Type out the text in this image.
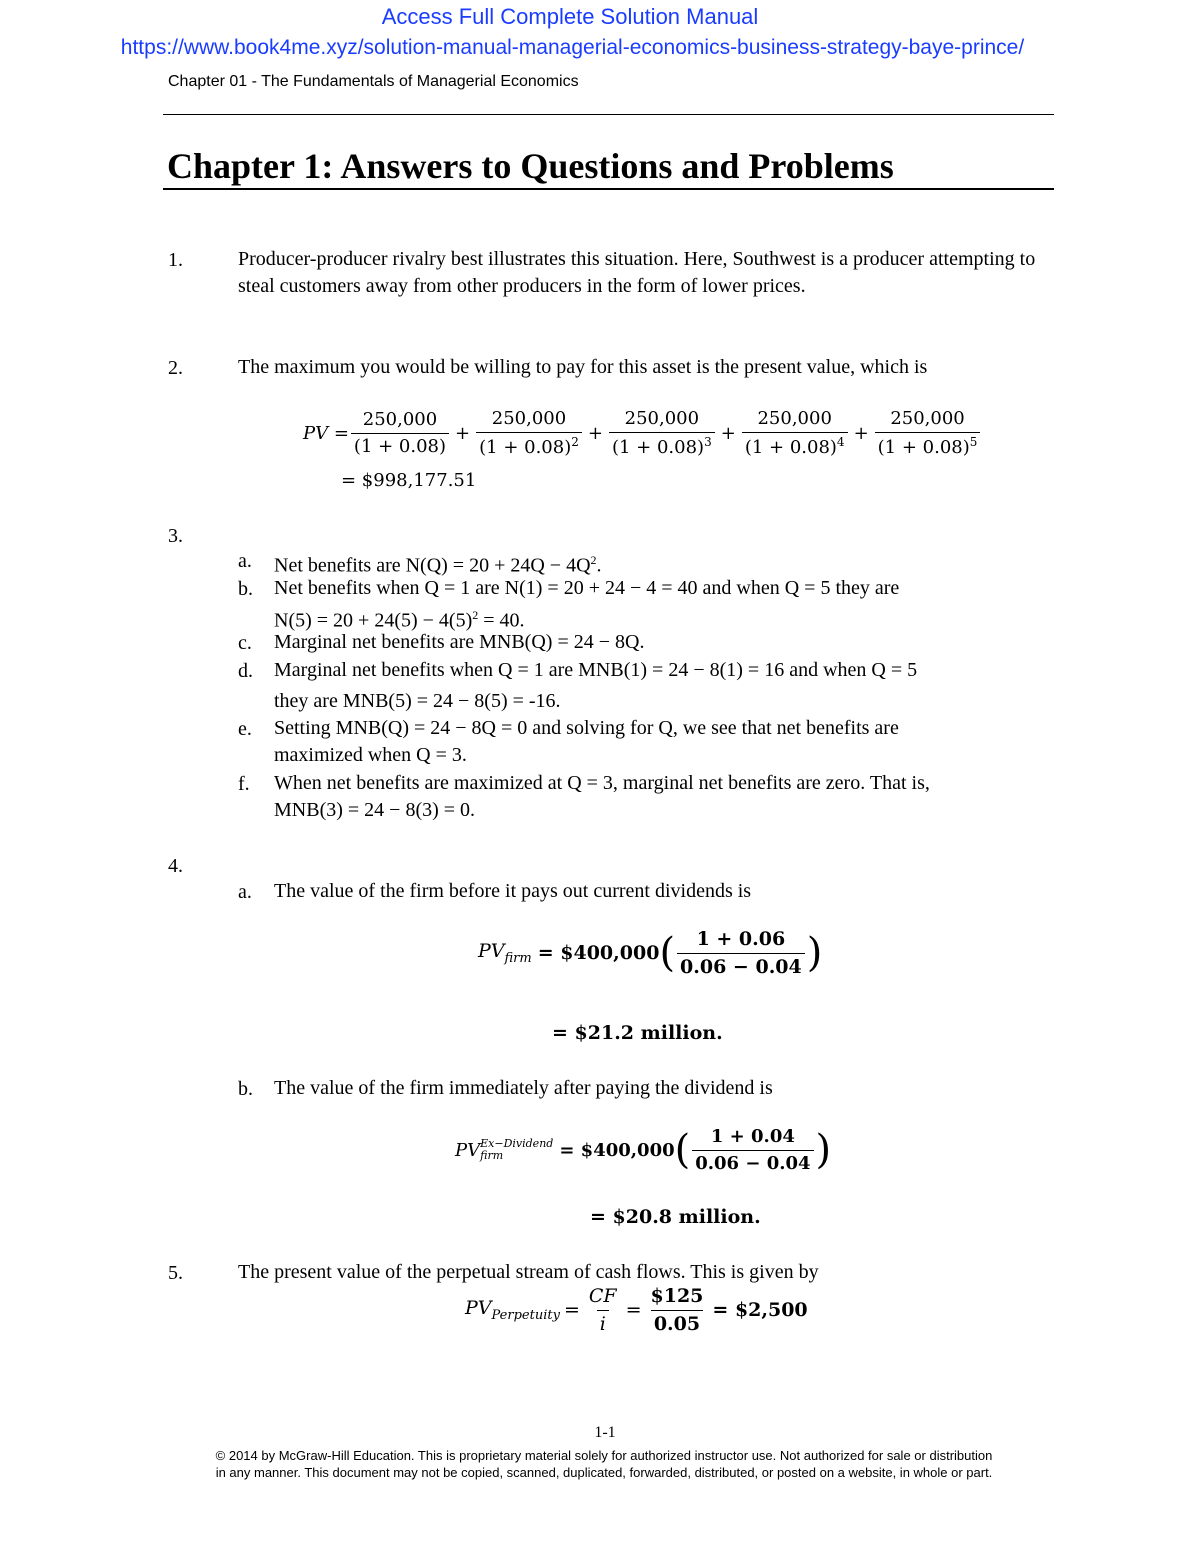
Access Full Complete Solution Manual
https://www.book4me.xyz/solution-manual-managerial-economics-business-strategy-baye-prince/
Chapter 01 - The Fundamentals of Managerial Economics
Chapter 1: Answers to Questions and Problems
1.	Producer-producer rivalry best illustrates this situation. Here, Southwest is a producer attempting to steal customers away from other producers in the form of lower prices.
2.	The maximum you would be willing to pay for this asset is the present value, which is
PV = $\frac{250,000}{(1 + 0.08)} + \frac{250,000}{(1 + 0.08)^2} + \frac{250,000}{(1 + 0.08)^3} + \frac{250,000}{(1 + 0.08)^4} + \frac{250,000}{(1 + 0.08)^5}$
= $998,177.51
3.
a. Net benefits are $N(Q) = 20 + 24Q - 4Q^2$.
b. Net benefits when Q = 1 are N(1) = 20 + 24 − 4 = 40 and when Q = 5 they are
$N(5) = 20 + 24(5) - 4(5)^2 = 40$.
c. Marginal net benefits are MNB(Q) = 24 − 8Q.
d. Marginal net benefits when Q = 1 are MNB(1) = 24 − 8(1) = 16 and when Q = 5
they are MNB(5) = 24 − 8(5) = -16.
e. Setting MNB(Q) = 24 − 8Q = 0 and solving for Q, we see that net benefits are
maximized when Q = 3.
f. When net benefits are maximized at Q = 3, marginal net benefits are zero. That is,
MNB(3) = 24 − 8(3) = 0.
4.
a. The value of the firm before it pays out current dividends is
$PV_{firm}$ = $400,000 ( $\frac{1 + 0.06}{0.06 - 0.04}$ )
= $21.2 million.
b. The value of the firm immediately after paying the dividend is
PV Ex−Dividend
firm	= $400,000 ( $\frac{1 + 0.04}{0.06 - 0.04}$ )
= $20.8 million.
5.	The present value of the perpetual stream of cash flows. This is given by
$PV_{Perpetuity} = \frac{CF}{i} = \frac{\$125}{0.05}$ = $2,500
1-1
© 2014 by McGraw-Hill Education. This is proprietary material solely for authorized instructor use. Not authorized for sale or distribution
in any manner. This document may not be copied, scanned, duplicated, forwarded, distributed, or posted on a website, in whole or part.
